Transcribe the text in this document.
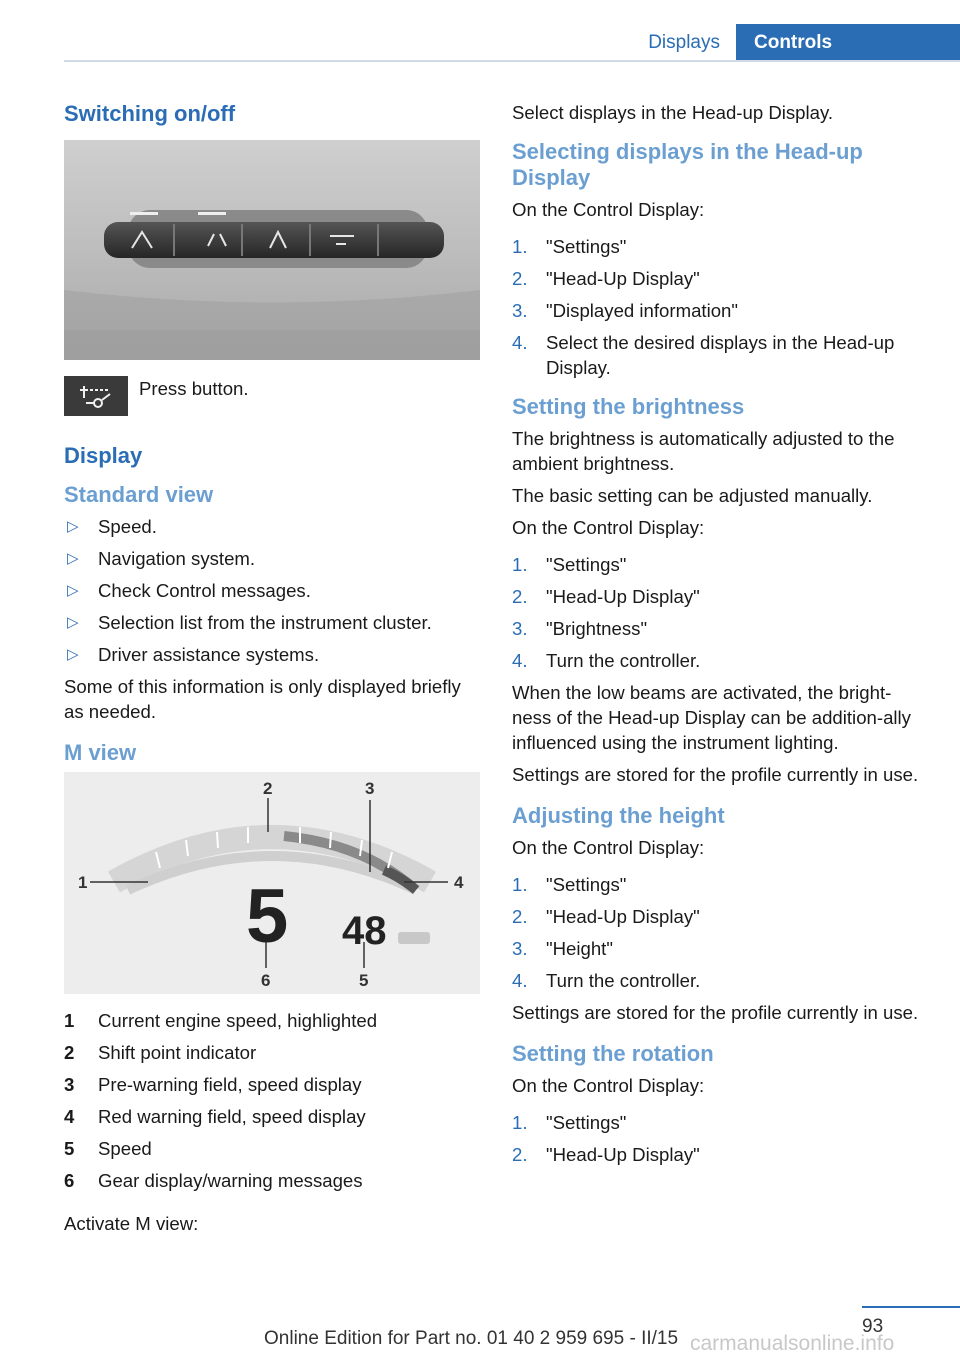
Displays	Controls
Switching on/off
Press button.
Display
Standard view
▷ Speed.
▷ Navigation system.
▷ Check Control messages.
▷ Selection list from the instrument cluster.
▷ Driver assistance systems.

Some of this information is only displayed briefly as needed.

M view
1
2	3
4
5
6
5 48
1	Current engine speed, highlighted
2	Shift point indicator
3	Pre-warning field, speed display
4	Red warning field, speed display
5	Speed
6	Gear display/warning messages

Activate M view:

Select displays in the Head-up Display.

Selecting displays in the Head-up Display

On the Control Display:

1. "Settings"
2. "Head-Up Display"
3. "Displayed information"
4. Select the desired displays in the Head-up Display.
Setting the brightness

The brightness is automatically adjusted to the ambient brightness.

The basic setting can be adjusted manually.

On the Control Display:

1. "Settings"
2. "Head-Up Display"
3. "Brightness"
4. Turn the controller.

When the low beams are activated, the bright‐ness of the Head-up Display can be addition‐ally influenced using the instrument lighting.

Settings are stored for the profile currently in use.

Adjusting the height

On the Control Display:

1. "Settings"
2. "Head-Up Display"
3. "Height"
4. Turn the controller.

Settings are stored for the profile currently in use.

Setting the rotation

On the Control Display:

1. "Settings"
2. "Head-Up Display"
93
Online Edition for Part no. 01 40 2 959 695 - II/15 carmanualsonline.info
